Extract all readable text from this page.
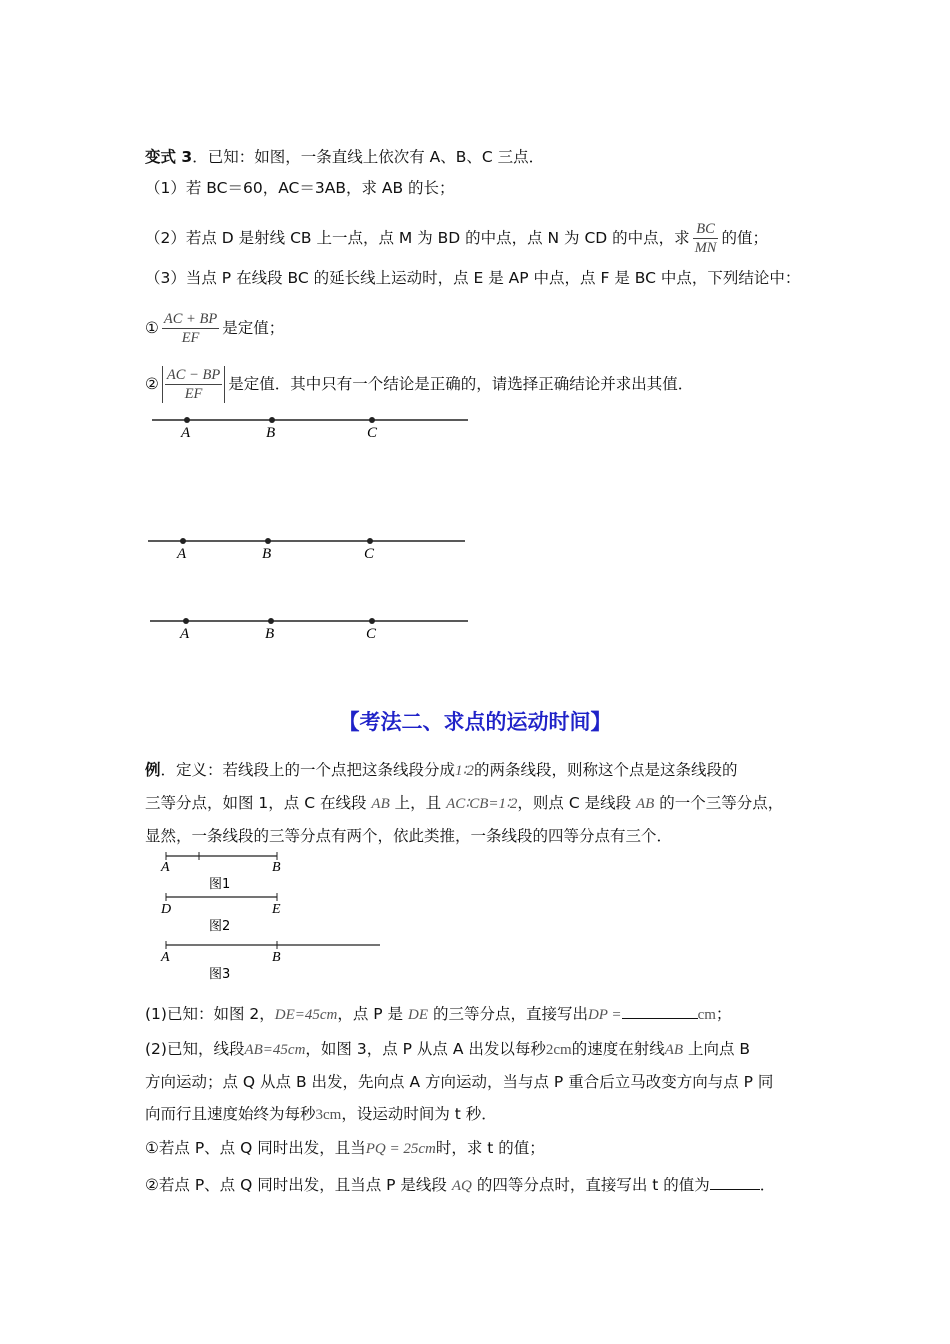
变式 3．已知：如图，一条直线上依次有 A、B、C 三点．
（1）若 BC＝60，AC＝3AB，求 AB 的长；
（2）若点 D 是射线 CB 上一点，点 M 为 BD 的中点，点 N 为 CD 的中点，求 $\frac{BC}{MN}$ 的值；
（3）当点 P 在线段 BC 的延长线上运动时，点 E 是 AP 中点，点 F 是 BC 中点，下列结论中：
① $\frac{AC + BP}{EF}$ 是定值；
② $\frac{AC - BP}{EF}$ 是定值．其中只有一个结论是正确的，请选择正确结论并求出其值．
A	B	C
A	B	C
A	B	C
【考法二、求点的运动时间】
例．定义：若线段上的一个点把这条线段分成1∶2的两条线段，则称这个点是这条线段的
三等分点，如图 1，点 C 在线段 AB 上，且 AC∶CB=1∶2，则点 C 是线段 AB 的一个三等分点，
显然，一条线段的三等分点有两个，依此类推，一条线段的四等分点有三个．
A	B
图1
D	E
图2
A	B
图3
(1)已知：如图 2，DE=45cm，点 P 是 DE 的三等分点，直接写出DP =	cm；
(2)已知，线段AB=45cm，如图 3，点 P 从点 A 出发以每秒2cm的速度在射线AB 上向点 B
方向运动；点 Q 从点 B 出发，先向点 A 方向运动，当与点 P 重合后立马改变方向与点 P 同
向而行且速度始终为每秒3cm，设运动时间为 t 秒．
①若点 P、点 Q 同时出发，且当PQ = 25cm时，求 t 的值；
②若点 P、点 Q 同时出发，且当点 P 是线段 AQ 的四等分点时，直接写出 t 的值为	．
